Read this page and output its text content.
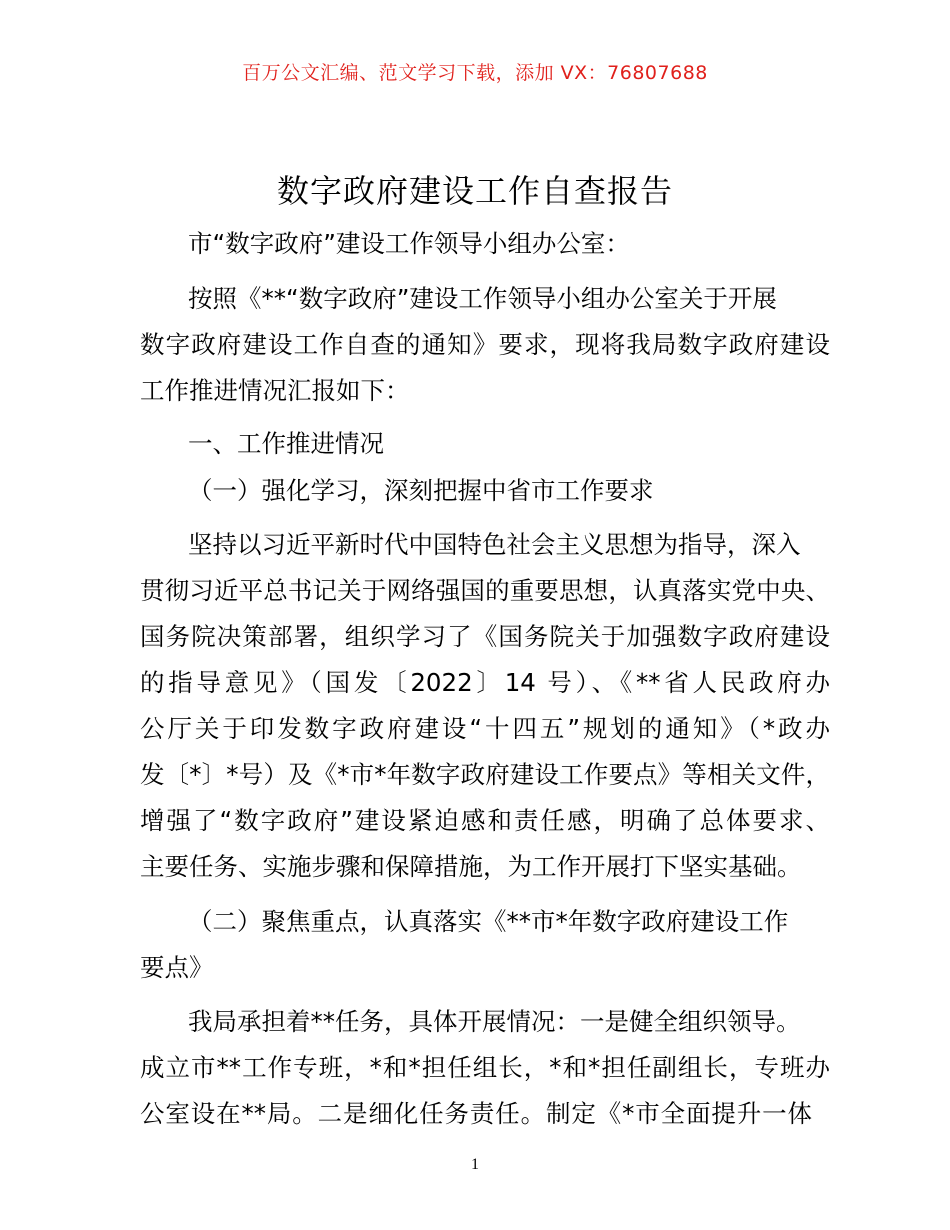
百万公文汇编、范文学习下载，添加 VX：76807688
数字政府建设工作自查报告
市“数字政府”建设工作领导小组办公室：
按照《**“数字政府”建设工作领导小组办公室关于开展
数字政府建设工作自查的通知》要求，现将我局数字政府建设
工作推进情况汇报如下：
一、工作推进情况
（一）强化学习，深刻把握中省市工作要求
坚持以习近平新时代中国特色社会主义思想为指导，深入
贯彻习近平总书记关于网络强国的重要思想，认真落实党中央、
国务院决策部署，组织学习了《国务院关于加强数字政府建设
的指导意见》（国发〔2022〕14 号）、《**省人民政府办
公厅关于印发数字政府建设“十四五”规划的通知》（*政办
发〔*〕*号）及《*市*年数字政府建设工作要点》等相关文件，
增强了“数字政府”建设紧迫感和责任感，明确了总体要求、
主要任务、实施步骤和保障措施，为工作开展打下坚实基础。
（二）聚焦重点，认真落实《**市*年数字政府建设工作
要点》
我局承担着**任务，具体开展情况：一是健全组织领导。
成立市**工作专班，*和*担任组长，*和*担任副组长，专班办
公室设在**局。二是细化任务责任。制定《*市全面提升一体
1
